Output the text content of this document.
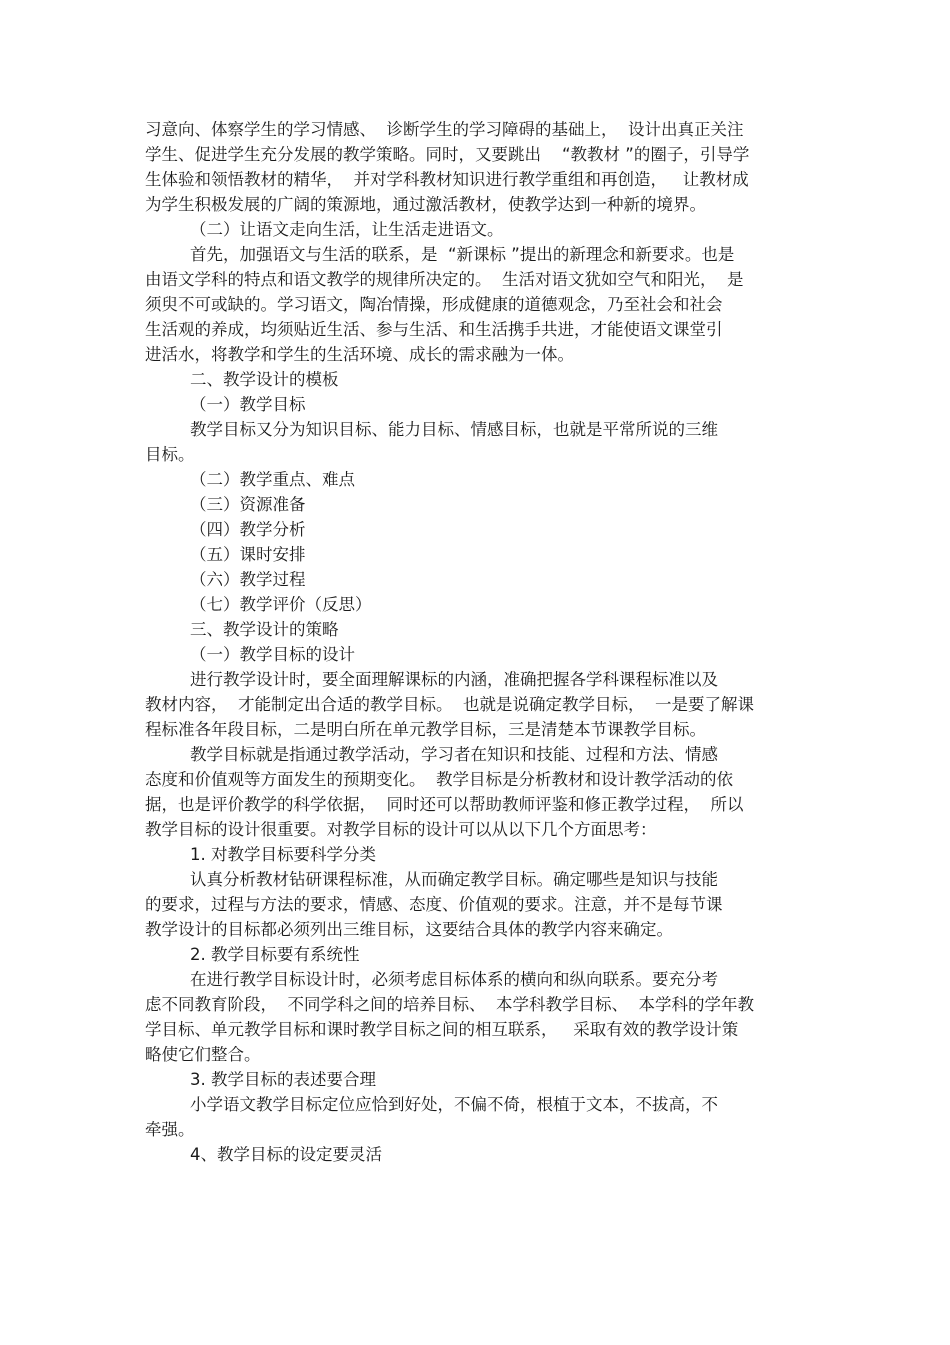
习意向、体察学生的学习情感、  诊断学生的学习障碍的基础上，  设计出真正关注
学生、促进学生充分发展的教学策略。同时，又要跳出    “教教材 ”的圈子，引导学
生体验和领悟教材的精华，  并对学科教材知识进行教学重组和再创造，   让教材成
为学生积极发展的广阔的策源地，通过激活教材，使教学达到一种新的境界。
（二）让语文走向生活，让生活走进语文。
首先，加强语文与生活的联系，是  “新课标 ”提出的新理念和新要求。也是
由语文学科的特点和语文教学的规律所决定的。  生活对语文犹如空气和阳光，  是
须臾不可或缺的。学习语文，陶冶情操，形成健康的道德观念，乃至社会和社会
生活观的养成，均须贴近生活、参与生活、和生活携手共进，才能使语文课堂引
进活水，将教学和学生的生活环境、成长的需求融为一体。
二、教学设计的模板
（一）教学目标
教学目标又分为知识目标、能力目标、情感目标，也就是平常所说的三维
目标。
（二）教学重点、难点
（三）资源准备
（四）教学分析
（五）课时安排
（六）教学过程
（七）教学评价（反思）
三、教学设计的策略
（一）教学目标的设计
进行教学设计时，要全面理解课标的内涵，准确把握各学科课程标准以及
教材内容，  才能制定出合适的教学目标。  也就是说确定教学目标，  一是要了解课
程标准各年段目标，二是明白所在单元教学目标，三是清楚本节课教学目标。
教学目标就是指通过教学活动，学习者在知识和技能、过程和方法、情感
态度和价值观等方面发生的预期变化。  教学目标是分析教材和设计教学活动的依
据，也是评价教学的科学依据，  同时还可以帮助教师评鉴和修正教学过程，  所以
教学目标的设计很重要。对教学目标的设计可以从以下几个方面思考：
1. 对教学目标要科学分类
认真分析教材钻研课程标准，从而确定教学目标。确定哪些是知识与技能
的要求，过程与方法的要求，情感、态度、价值观的要求。注意，并不是每节课
教学设计的目标都必须列出三维目标，这要结合具体的教学内容来确定。
2. 教学目标要有系统性
在进行教学目标设计时，必须考虑目标体系的横向和纵向联系。要充分考
虑不同教育阶段，  不同学科之间的培养目标、  本学科教学目标、  本学科的学年教
学目标、单元教学目标和课时教学目标之间的相互联系，   采取有效的教学设计策
略使它们整合。
3. 教学目标的表述要合理
小学语文教学目标定位应恰到好处，不偏不倚，根植于文本，不拔高，不
牵强。
4、教学目标的设定要灵活
